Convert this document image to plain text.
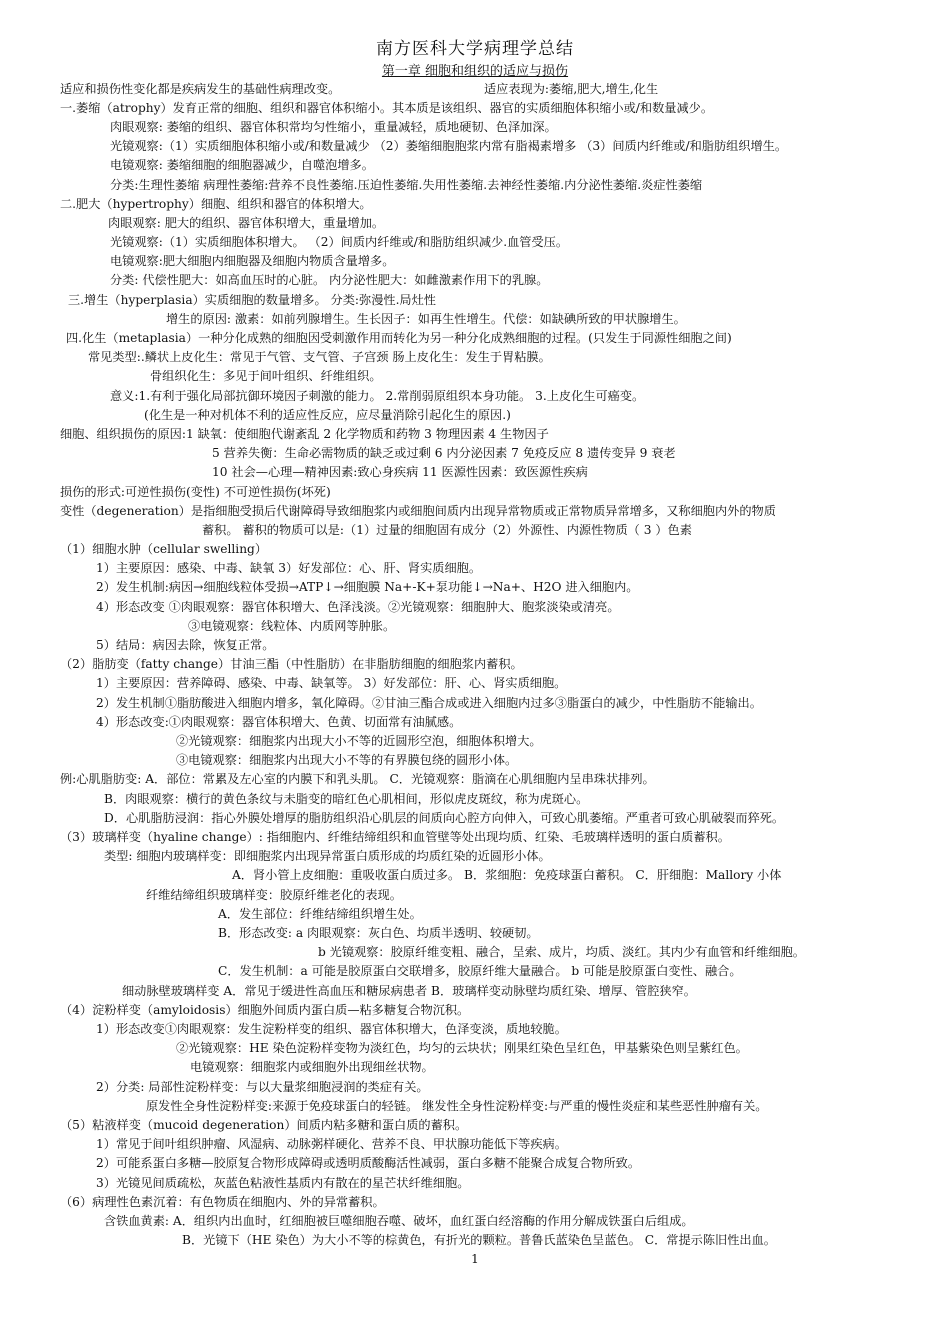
南方医科大学病理学总结
第一章 细胞和组织的适应与损伤
适应和损伤性变化都是疾病发生的基础性病理改变。	适应表现为:萎缩,肥大,增生,化生
一.萎缩（atrophy）发育正常的细胞、组织和器官体积缩小。其本质是该组织、器官的实质细胞体积缩小或/和数量减少。
肉眼观察: 萎缩的组织、器官体积常均匀性缩小，重量减轻，质地硬韧、色泽加深。
光镜观察:（1）实质细胞体积缩小或/和数量减少 （2）萎缩细胞胞浆内常有脂褐素增多 （3）间质内纤维或/和脂肪组织增生。
电镜观察: 萎缩细胞的细胞器减少，自噬泡增多。
分类:生理性萎缩 病理性萎缩:营养不良性萎缩.压迫性萎缩.失用性萎缩.去神经性萎缩.内分泌性萎缩.炎症性萎缩
二.肥大（hypertrophy）细胞、组织和器官的体积增大。
肉眼观察: 肥大的组织、器官体积增大，重量增加。
光镜观察:（1）实质细胞体积增大。 （2）间质内纤维或/和脂肪组织减少.血管受压。
电镜观察:肥大细胞内细胞器及细胞内物质含量增多。
分类: 代偿性肥大：如高血压时的心脏。 内分泌性肥大：如雌激素作用下的乳腺。
三.增生（hyperplasia）实质细胞的数量增多。 分类:弥漫性.局灶性
增生的原因: 激素：如前列腺增生。生长因子：如再生性增生。代偿：如缺碘所致的甲状腺增生。
四.化生（metaplasia）一种分化成熟的细胞因受刺激作用而转化为另一种分化成熟细胞的过程。(只发生于同源性细胞之间)
常见类型:.鳞状上皮化生：常见于气管、支气管、子宫颈 肠上皮化生：发生于胃粘膜。
骨组织化生：多见于间叶组织、纤维组织。
意义:1.有利于强化局部抗御环境因子刺激的能力。 2.常削弱原组织本身功能。 3.上皮化生可癌变。
(化生是一种对机体不利的适应性反应，应尽量消除引起化生的原因.)
细胞、组织损伤的原因:1 缺氧：使细胞代谢紊乱 2 化学物质和药物 3 物理因素 4 生物因子
5 营养失衡：生命必需物质的缺乏或过剩 6 内分泌因素 7 免疫反应 8 遗传变异 9 衰老
10 社会—心理—精神因素:致心身疾病 11 医源性因素：致医源性疾病
损伤的形式:可逆性损伤(变性) 不可逆性损伤(坏死)
变性（degeneration）是指细胞受损后代谢障碍导致细胞浆内或细胞间质内出现异常物质或正常物质异常增多，又称细胞内外的物质
蓄积。 蓄积的物质可以是:（1）过量的细胞固有成分（2）外源性、内源性物质（ 3 ）色素
（1）细胞水肿（cellular swelling）
1）主要原因：感染、中毒、缺氧 3）好发部位：心、肝、肾实质细胞。
2）发生机制:病因→细胞线粒体受损→ATP↓→细胞膜 Na+-K+泵功能↓→Na+、H2O 进入细胞内。
4）形态改变 ①肉眼观察：器官体积增大、色泽浅淡。②光镜观察：细胞肿大、胞浆淡染或清亮。
③电镜观察：线粒体、内质网等肿胀。
5）结局：病因去除，恢复正常。
（2）脂肪变（fatty change）甘油三酯（中性脂肪）在非脂肪细胞的细胞浆内蓄积。
1）主要原因：营养障碍、感染、中毒、缺氧等。 3）好发部位：肝、心、肾实质细胞。
2）发生机制①脂肪酸进入细胞内增多，氧化障碍。②甘油三酯合成或进入细胞内过多③脂蛋白的减少，中性脂肪不能输出。
4）形态改变:①肉眼观察：器官体积增大、色黄、切面常有油腻感。
②光镜观察：细胞浆内出现大小不等的近圆形空泡，细胞体积增大。
③电镜观察：细胞浆内出现大小不等的有界膜包绕的圆形小体。
例:心肌脂肪变: A．部位：常累及左心室的内膜下和乳头肌。 C．光镜观察：脂滴在心肌细胞内呈串珠状排列。
B．肉眼观察：横行的黄色条纹与未脂变的暗红色心肌相间，形似虎皮斑纹，称为虎斑心。
D．心肌脂肪浸润：指心外膜处增厚的脂肪组织沿心肌层的间质向心腔方向伸入，可致心肌萎缩。严重者可致心肌破裂而猝死。
（3）玻璃样变（hyaline change）: 指细胞内、纤维结缔组织和血管壁等处出现均质、红染、毛玻璃样透明的蛋白质蓄积。
类型: 细胞内玻璃样变：即细胞浆内出现异常蛋白质形成的均质红染的近圆形小体。
A．肾小管上皮细胞：重吸收蛋白质过多。 B．浆细胞：免疫球蛋白蓄积。 C．肝细胞：Mallory 小体
纤维结缔组织玻璃样变：胶原纤维老化的表现。
A．发生部位：纤维结缔组织增生处。
B．形态改变: a 肉眼观察：灰白色、均质半透明、较硬韧。
b 光镜观察：胶原纤维变粗、融合，呈索、成片，均质、淡红。其内少有血管和纤维细胞。
C．发生机制：a 可能是胶原蛋白交联增多，胶原纤维大量融合。 b 可能是胶原蛋白变性、融合。
细动脉壁玻璃样变 A．常见于缓进性高血压和糖尿病患者 B．玻璃样变动脉壁均质红染、增厚、管腔狭窄。
（4）淀粉样变（amyloidosis）细胞外间质内蛋白质—粘多糖复合物沉积。
1）形态改变①肉眼观察：发生淀粉样变的组织、器官体积增大，色泽变淡，质地较脆。
②光镜观察：HE 染色淀粉样变物为淡红色，均匀的云块状；刚果红染色呈红色，甲基紫染色则呈紫红色。
电镜观察：细胞浆内或细胞外出现细丝状物。
2）分类: 局部性淀粉样变：与以大量浆细胞浸润的类症有关。
原发性全身性淀粉样变:来源于免疫球蛋白的轻链。 继发性全身性淀粉样变:与严重的慢性炎症和某些恶性肿瘤有关。
（5）粘液样变（mucoid degeneration）间质内粘多糖和蛋白质的蓄积。
1）常见于间叶组织肿瘤、风湿病、动脉粥样硬化、营养不良、甲状腺功能低下等疾病。
2）可能系蛋白多糖—胶原复合物形成障碍或透明质酸酶活性减弱，蛋白多糖不能聚合成复合物所致。
3）光镜见间质疏松，灰蓝色粘液性基质内有散在的星芒状纤维细胞。
（6）病理性色素沉着：有色物质在细胞内、外的异常蓄积。
含铁血黄素: A．组织内出血时，红细胞被巨噬细胞吞噬、破坏，血红蛋白经溶酶的作用分解成铁蛋白后组成。
B．光镜下（HE 染色）为大小不等的棕黄色，有折光的颗粒。普鲁氏蓝染色呈蓝色。 C．常提示陈旧性出血。
1
